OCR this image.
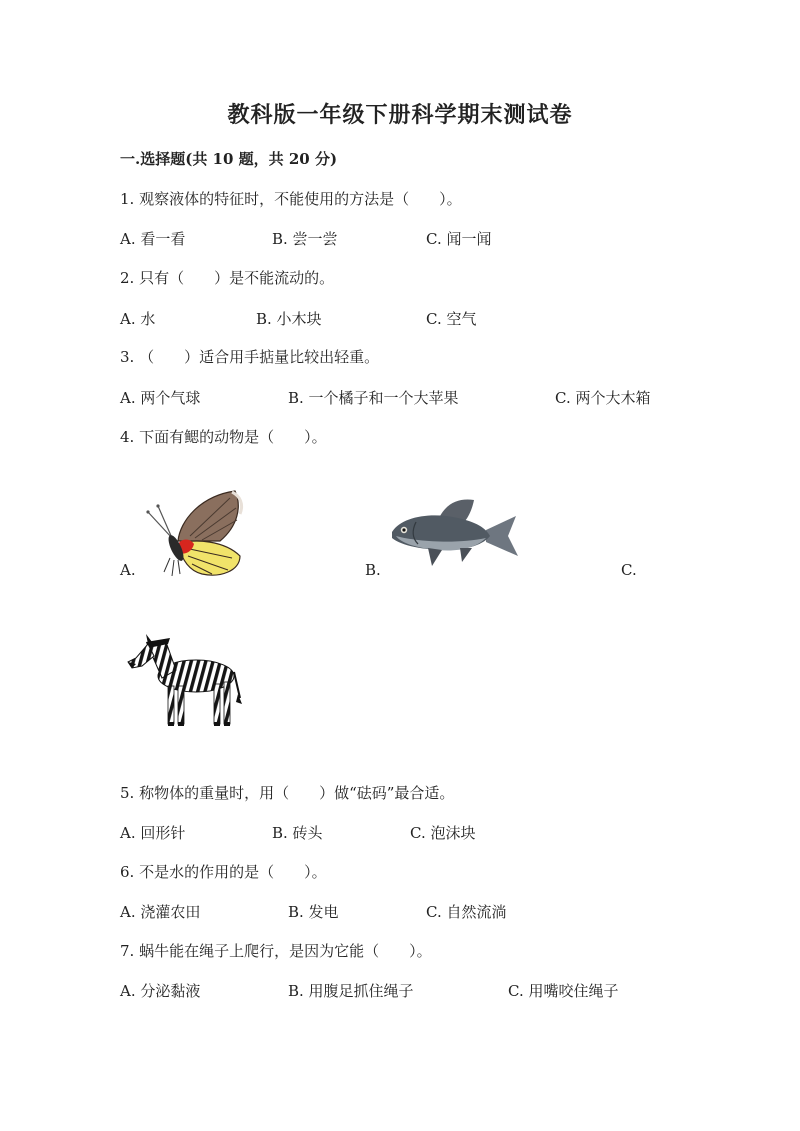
教科版一年级下册科学期末测试卷
一.选择题(共 10 题，共 20 分)
1. 观察液体的特征时，不能使用的方法是（　　）。
A. 看一看	B. 尝一尝	C. 闻一闻
2. 只有（　　）是不能流动的。
A. 水	B. 小木块	C. 空气
3. （　　）适合用手掂量比较出轻重。
A. 两个气球	B. 一个橘子和一个大苹果	C. 两个大木箱
4. 下面有鳃的动物是（　　）。
A.	B.	C.
5. 称物体的重量时，用（　　）做“砝码”最合适。
A. 回形针	B. 砖头	C. 泡沫块
6. 不是水的作用的是（　　）。
A. 浇灌农田	B. 发电	C. 自然流淌
7. 蜗牛能在绳子上爬行，是因为它能（　　）。
A. 分泌黏液	B. 用腹足抓住绳子	C. 用嘴咬住绳子
